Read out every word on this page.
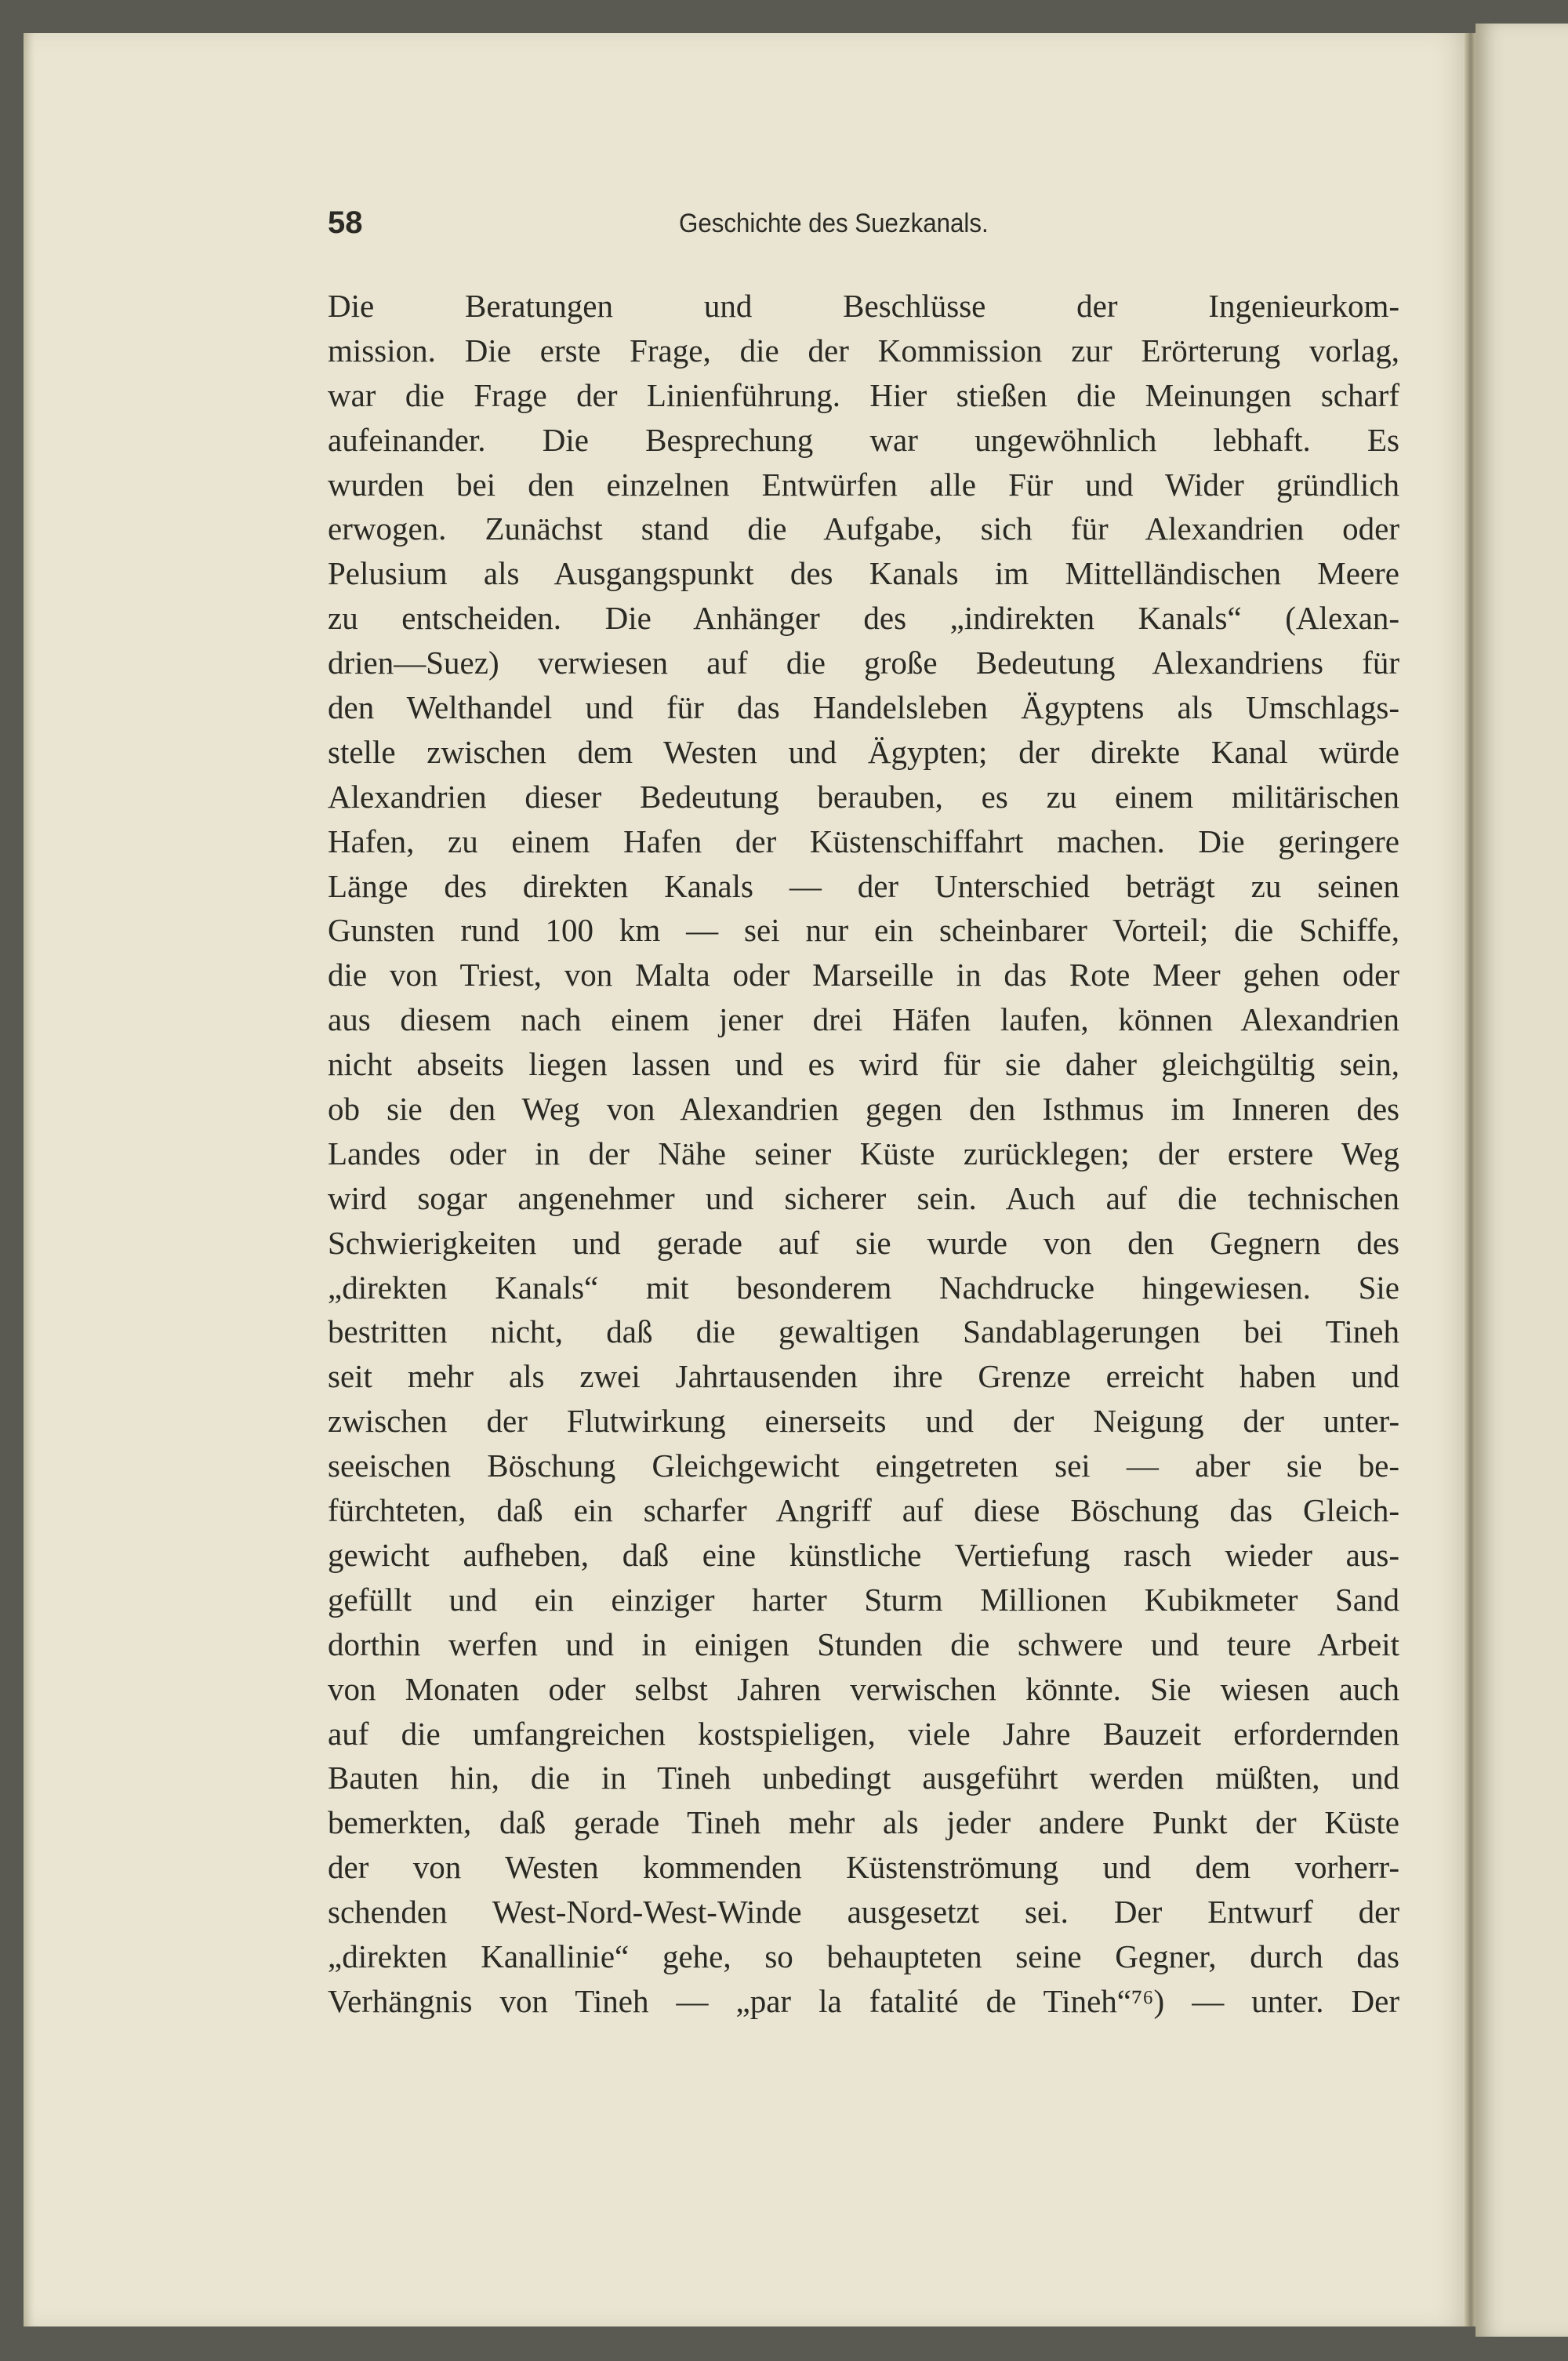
58	Geschichte des Suezkanals.
Die Beratungen und Beschlüsse der Ingenieurkom-
mission. Die erste Frage, die der Kommission zur Erörterung vorlag,
war die Frage der Linienführung. Hier stießen die Meinungen scharf
aufeinander. Die Besprechung war ungewöhnlich lebhaft. Es
wurden bei den einzelnen Entwürfen alle Für und Wider gründlich
erwogen. Zunächst stand die Aufgabe, sich für Alexandrien oder
Pelusium als Ausgangspunkt des Kanals im Mittelländischen Meere
zu entscheiden. Die Anhänger des „indirekten Kanals“ (Alexan-
drien—Suez) verwiesen auf die große Bedeutung Alexandriens für
den Welthandel und für das Handelsleben Ägyptens als Umschlags-
stelle zwischen dem Westen und Ägypten; der direkte Kanal würde
Alexandrien dieser Bedeutung berauben, es zu einem militärischen
Hafen, zu einem Hafen der Küstenschiffahrt machen. Die geringere
Länge des direkten Kanals — der Unterschied beträgt zu seinen
Gunsten rund 100 km — sei nur ein scheinbarer Vorteil; die Schiffe,
die von Triest, von Malta oder Marseille in das Rote Meer gehen oder
aus diesem nach einem jener drei Häfen laufen, können Alexandrien
nicht abseits liegen lassen und es wird für sie daher gleichgültig sein,
ob sie den Weg von Alexandrien gegen den Isthmus im Inneren des
Landes oder in der Nähe seiner Küste zurücklegen; der erstere Weg
wird sogar angenehmer und sicherer sein. Auch auf die technischen
Schwierigkeiten und gerade auf sie wurde von den Gegnern des
„direkten Kanals“ mit besonderem Nachdrucke hingewiesen. Sie
bestritten nicht, daß die gewaltigen Sandablagerungen bei Tineh
seit mehr als zwei Jahrtausenden ihre Grenze erreicht haben und
zwischen der Flutwirkung einerseits und der Neigung der unter-
seeischen Böschung Gleichgewicht eingetreten sei — aber sie be-
fürchteten, daß ein scharfer Angriff auf diese Böschung das Gleich-
gewicht aufheben, daß eine künstliche Vertiefung rasch wieder aus-
gefüllt und ein einziger harter Sturm Millionen Kubikmeter Sand
dorthin werfen und in einigen Stunden die schwere und teure Arbeit
von Monaten oder selbst Jahren verwischen könnte. Sie wiesen auch
auf die umfangreichen kostspieligen, viele Jahre Bauzeit erfordernden
Bauten hin, die in Tineh unbedingt ausgeführt werden müßten, und
bemerkten, daß gerade Tineh mehr als jeder andere Punkt der Küste
der von Westen kommenden Küstenströmung und dem vorherr-
schenden West-Nord-West-Winde ausgesetzt sei. Der Entwurf der
„direkten Kanallinie“ gehe, so behaupteten seine Gegner, durch das
Verhängnis von Tineh — „par la fatalité de Tineh“⁷⁶) — unter. Der
